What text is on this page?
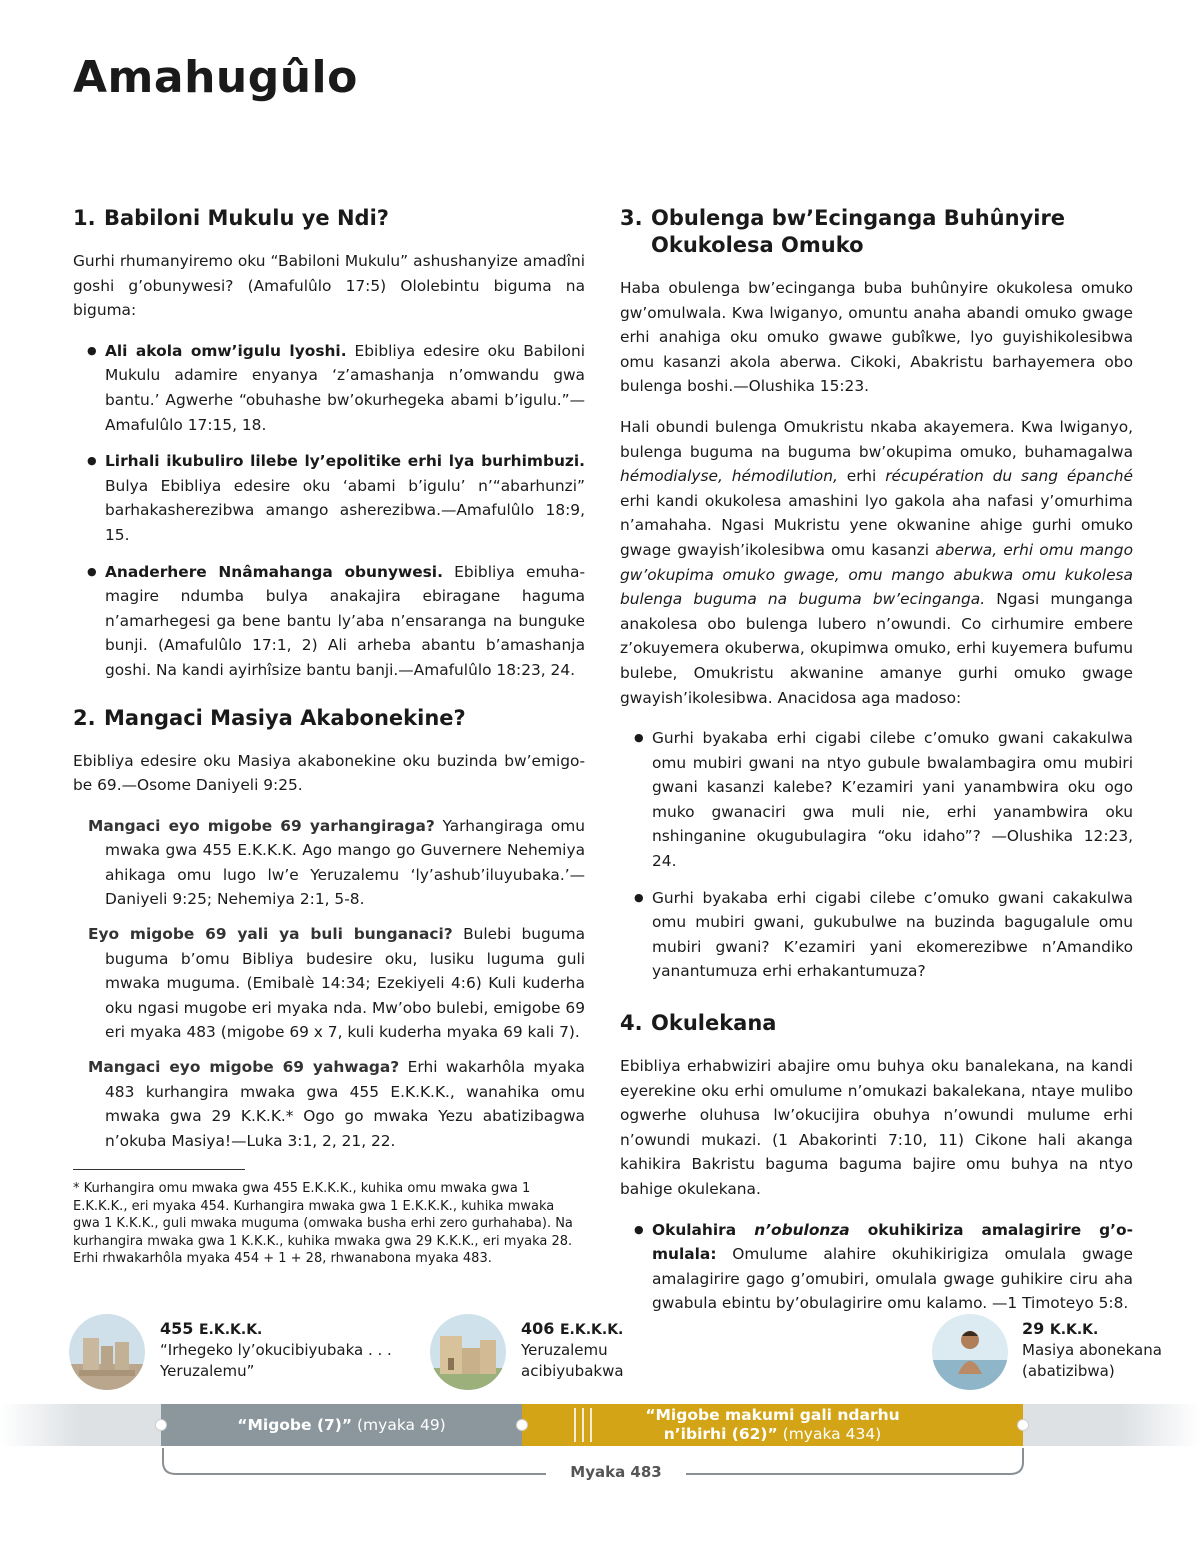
Amahugûlo
1. Babiloni Mukulu ye Ndi?

Gurhi rhumanyiremo oku “Babiloni Mukulu” ashushanyize amadîni goshi g’obunywesi? (Amafulûlo 17:5) Ololebintu biguma na biguma:

● Ali akola omw’igulu lyoshi. Ebibliya edesire oku Babiloni Mukulu adamire enyanya ‘z’amashanja n’omwandu gwa bantu.’ Agwerhe “obuhashe bw’okurhegeka abami b’igulu.”—Amafulûlo 17:15, 18.
● Lirhali ikubuliro lilebe ly’epolitike erhi lya burhimbuzi. Bulya Ebibliya edesire oku ‘abami b’igulu’ n’“abarhunzi” barhakasherezibwa amango asherezibwa.—Amafulûlo 18:9, 15.
● Anaderhere Nnâmahanga obunywesi. Ebibliya emuhamagire ndumba bulya anakajira ebiragane haguma n’amarhegesi ga bene bantu ly’aba n’ensaranga na bunguke bunji. (Amafulûlo 17:1, 2) Ali arheba abantu b’amashanja goshi. Na kandi ayirhîsize bantu banji.—Amafulûlo 18:23, 24.
2. Mangaci Masiya Akabonekine?

Ebibliya edesire oku Masiya akabonekine oku buzinda bw’emigobe 69.—Osome Daniyeli 9:25.

Mangaci eyo migobe 69 yarhangiraga? Yarhangiraga omu mwaka gwa 455 E.K.K.K. Ago mango go Guvernere Nehemiya ahikaga omu lugo lw’e Yeruzalemu ‘ly’ashub’iluyubaka.’—Daniyeli 9:25; Nehemiya 2:1, 5-8.
Eyo migobe 69 yali ya buli bunganaci? Bulebi buguma buguma b’omu Bibliya budesire oku, lusiku luguma guli mwaka muguma. (Emibalè 14:34; Ezekiyeli 4:6) Kuli kuderha oku ngasi mugobe eri myaka nda. Mw’obo bulebi, emigobe 69 eri myaka 483 (migobe 69 x 7, kuli kuderha myaka 69 kali 7).
Mangaci eyo migobe 69 yahwaga? Erhi wakarhôla myaka 483 kurhangira mwaka gwa 455 E.K.K.K., wanahika omu mwaka gwa 29 K.K.K.* Ogo go mwaka Yezu abatizibagwa n’okuba Masiya!—Luka 3:1, 2, 21, 22.

* Kurhangira omu mwaka gwa 455 E.K.K.K., kuhika omu mwaka gwa 1 E.K.K.K., eri myaka 454. Kurhangira mwaka gwa 1 E.K.K.K., kuhika mwaka gwa 1 K.K.K., guli mwaka muguma (omwaka busha erhi zero gurhahaba). Na kurhangira mwaka gwa 1 K.K.K., kuhika mwaka gwa 29 K.K.K., eri myaka 28. Erhi rhwakarhôla myaka 454 + 1 + 28, rhwanabona myaka 483.

3. Obulenga bw’Ecinganga Buhûnyire Okukolesa Omuko

Haba obulenga bw’ecinganga buba buhûnyire okukolesa omuko gw’omulwala. Kwa lwiganyo, omuntu anaha abandi omuko gwage erhi anahiga oku omuko gwawe gubîkwe, lyo guyishikolesibwa omu kasanzi akola aberwa. Cikoki, Abakristu barhayemera obo bulenga boshi.—Olushika 15:23.

Hali obundi bulenga Omukristu nkaba akayemera. Kwa lwiganyo, bulenga buguma na buguma bw’okupima omuko, buhamagalwa hémodialyse, hémodilution, erhi récupération du sang épanché erhi kandi okukolesa amashini lyo gakola aha nafasi y’omurhima n’amahaha. Ngasi Mukristu yene okwanine ahige gurhi omuko gwage gwayish’ikolesibwa omu kasanzi aberwa, erhi omu mango gw’okupima omuko gwage, omu mango abukwa omu kukolesa bulenga buguma na buguma bw’ecinganga. Ngasi munganga anakolesa obo bulenga lubero n’owundi. Co cirhumire embere z’okuyemera okuberwa, okupimwa omuko, erhi kuyemera bufumu bulebe, Omukristu akwanine amanye gurhi omuko gwage gwayish’ikolesibwa. Anacidosa aga madoso:

● Gurhi byakaba erhi cigabi cilebe c’omuko gwani cakakulwa omu mubiri gwani na ntyo gubule bwalambagira omu mubiri gwani kasanzi kalebe? K’ezamiri yani yanambwira oku ogo muko gwanaciri gwa muli nie, erhi yanambwira oku nshinganine okugubulagira “oku idaho”? —Olushika 12:23, 24.
● Gurhi byakaba erhi cigabi cilebe c’omuko gwani cakakulwa omu mubiri gwani, gukubulwe na buzinda bagugalule omu mubiri gwani? K’ezamiri yani ekomerezibwe n’Amandiko yanantumuza erhi erhakantumuza?
4. Okulekana

Ebibliya erhabwiziri abajire omu buhya oku banalekana, na kandi eyerekine oku erhi omulume n’omukazi bakalekana, ntaye mulibo ogwerhe oluhusa lw’okucijira obuhya n’owundi mulume erhi n’owundi mukazi. (1 Abakorinti 7:10, 11) Cikone hali akanga kahikira Bakristu baguma baguma bajire omu buhya na ntyo bahige okulekana.

● Okulahira n’obulonza okuhikiriza amalagirire g’omulala: Omulume alahire okuhikirigiza omulala gwage amalagirire gago g’omubiri, omulala gwage guhikire ciru aha gwabula ebintu by’obulagirire omu kalamo. —1 Timoteyo 5:8.
455 E.K.K.K.
“Irhegeko ly’okucibiyubaka . . . Yeruzalemu”
406 E.K.K.K.
Yeruzalemu acibiyubakwa
29 K.K.K.
Masiya abonekana (abatizibwa)
“Migobe (7)” (myaka 49)
“Migobe makumi gali ndarhu
n’ibirhi (62)” (myaka 434)
Myaka 483
